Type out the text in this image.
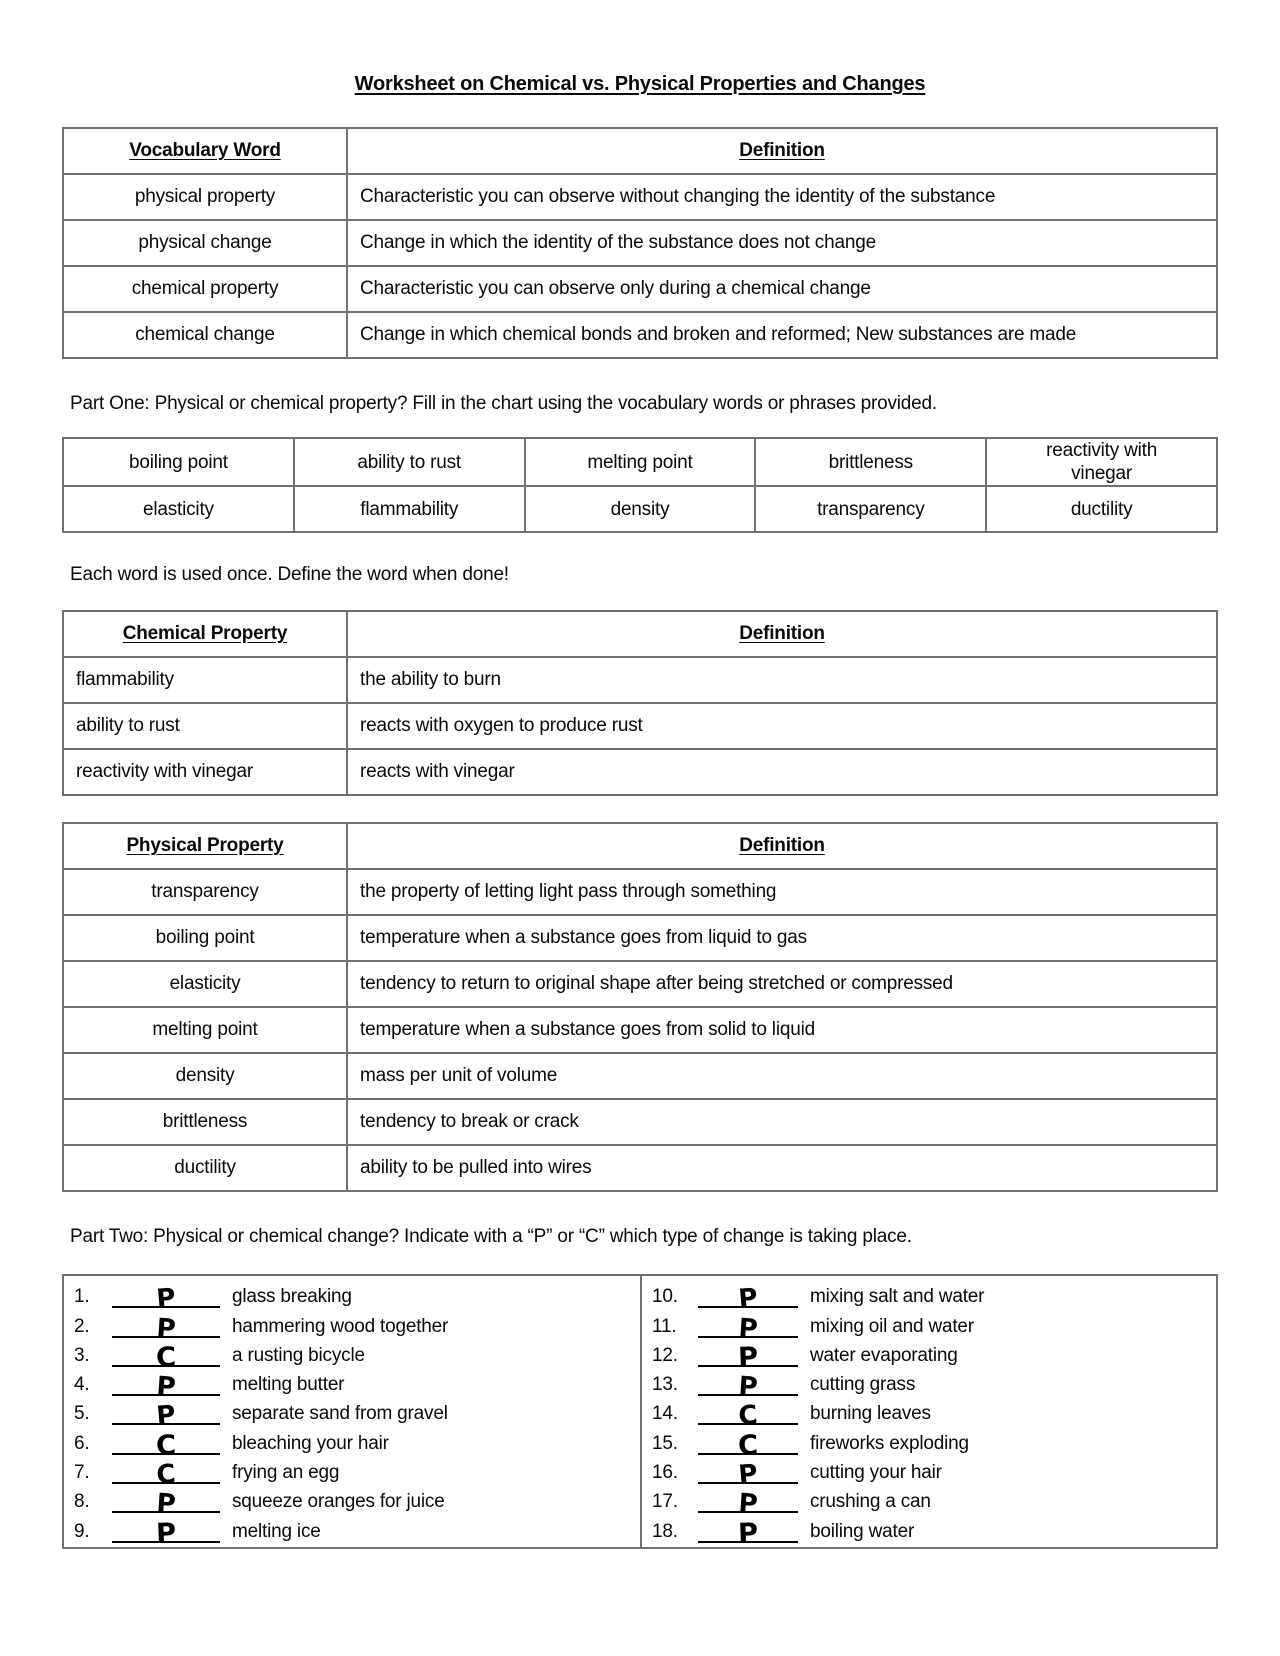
Worksheet on Chemical vs. Physical Properties and Changes
Vocabulary Word	Definition
physical property	Characteristic you can observe without changing the identity of the substance
physical change	Change in which the identity of the substance does not change
chemical property	Characteristic you can observe only during a chemical change
chemical change	Change in which chemical bonds and broken and reformed; New substances are made

Part One: Physical or chemical property? Fill in the chart using the vocabulary words or phrases provided.

boiling point	ability to rust	melting point	brittleness	reactivity with vinegar
elasticity	flammability	density	transparency	ductility

Each word is used once. Define the word when done!

Chemical Property	Definition
flammability	the ability to burn
ability to rust	reacts with oxygen to produce rust
reactivity with vinegar	reacts with vinegar
Physical Property	Definition
transparency	the property of letting light pass through something
boiling point	temperature when a substance goes from liquid to gas
elasticity	tendency to return to original shape after being stretched or compressed
melting point	temperature when a substance goes from solid to liquid
density	mass per unit of volume
brittleness	tendency to break or crack
ductility	ability to be pulled into wires

Part Two: Physical or chemical change? Indicate with a “P” or “C” which type of change is taking place.

1.	P	glass breaking
2.	P	hammering wood together
3.	C	a rusting bicycle
4.	P	melting butter
5.	P	separate sand from gravel
6.	C	bleaching your hair
7.	C	frying an egg
8.	P	squeeze oranges for juice
9.	P	melting ice
10.	P	mixing salt and water
11.	P	mixing oil and water
12.	P	water evaporating
13.	P	cutting grass
14.	C	burning leaves
15.	C	fireworks exploding
16.	P	cutting your hair
17.	P	crushing a can
18.	P	boiling water
